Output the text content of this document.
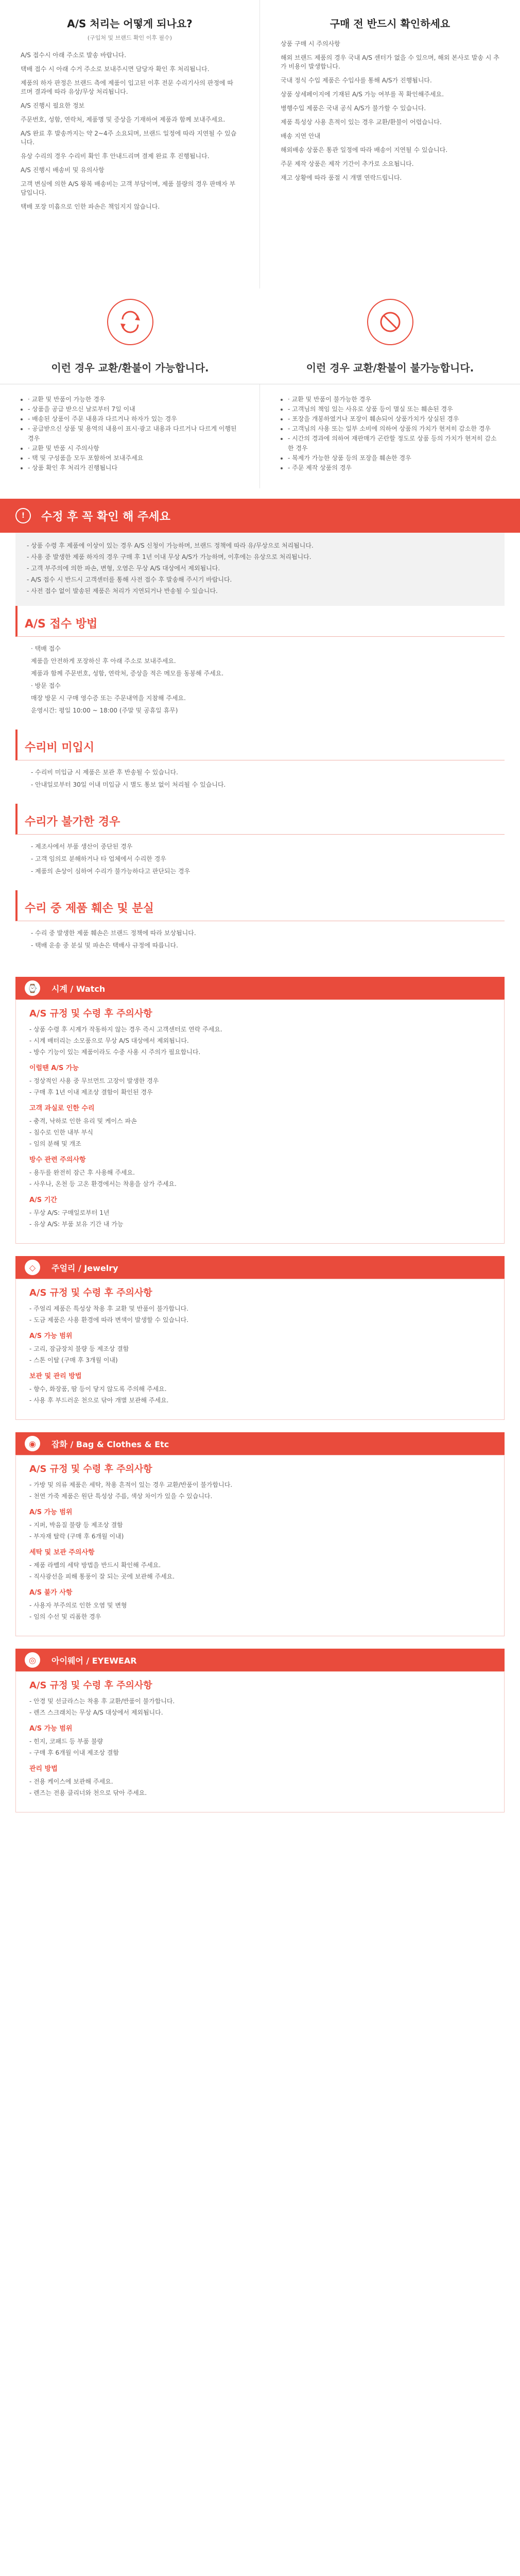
A/S 처리는 어떻게 되나요?
(구입처 및 브랜드 확인 이후 필수)

A/S 접수시 아래 주소로 발송 바랍니다.

택배 접수 시 아래 수거 주소로 보내주시면 담당자 확인 후 처리됩니다.

제품의 하자 판정은 브랜드 측에 제품이 입고된 이후 전문 수리기사의 판정에 따르며 결과에 따라 유상/무상 처리됩니다.

A/S 진행시 필요한 정보

주문번호, 성함, 연락처, 제품명 및 증상을 기재하여 제품과 함께 보내주세요.

A/S 완료 후 발송까지는 약 2~4주 소요되며, 브랜드 일정에 따라 지연될 수 있습니다.

유상 수리의 경우 수리비 확인 후 안내드리며 결제 완료 후 진행됩니다.

A/S 진행시 배송비 및 유의사항

고객 변심에 의한 A/S 왕복 배송비는 고객 부담이며, 제품 불량의 경우 판매자 부담입니다.

택배 포장 미흡으로 인한 파손은 책임지지 않습니다.

구매 전 반드시 확인하세요

상품 구매 시 주의사항

해외 브랜드 제품의 경우 국내 A/S 센터가 없을 수 있으며, 해외 본사로 발송 시 추가 비용이 발생합니다.

국내 정식 수입 제품은 수입사를 통해 A/S가 진행됩니다.

상품 상세페이지에 기재된 A/S 가능 여부를 꼭 확인해주세요.

병행수입 제품은 국내 공식 A/S가 불가할 수 있습니다.

제품 특성상 사용 흔적이 있는 경우 교환/환불이 어렵습니다.

배송 지연 안내

해외배송 상품은 통관 일정에 따라 배송이 지연될 수 있습니다.

주문 제작 상품은 제작 기간이 추가로 소요됩니다.

재고 상황에 따라 품절 시 개별 연락드립니다.

이런 경우 교환/환불이 가능합니다.	이런 경우 교환/환불이 불가능합니다.
• · 교환 및 반품이 가능한 경우
• - 상품을 공급 받으신 날로부터 7일 이내
• - 배송된 상품이 주문 내용과 다르거나 하자가 있는 경우
• - 공급받으신 상품 및 용역의 내용이 표시·광고 내용과 다르거나 다르게 이행된 경우
• · 교환 및 반품 시 주의사항
• - 택 및 구성품을 모두 포함하여 보내주세요
• - 상품 확인 후 처리가 진행됩니다
• · 교환 및 반품이 불가능한 경우
• - 고객님의 책임 있는 사유로 상품 등이 멸실 또는 훼손된 경우
• - 포장을 개봉하였거나 포장이 훼손되어 상품가치가 상실된 경우
• - 고객님의 사용 또는 일부 소비에 의하여 상품의 가치가 현저히 감소한 경우
• - 시간의 경과에 의하여 재판매가 곤란할 정도로 상품 등의 가치가 현저히 감소한 경우
• - 복제가 가능한 상품 등의 포장을 훼손한 경우
• - 주문 제작 상품의 경우
!	수정 후 꼭 확인 해 주세요

- 상품 수령 후 제품에 이상이 있는 경우 A/S 신청이 가능하며, 브랜드 정책에 따라 유/무상으로 처리됩니다.

- 사용 중 발생한 제품 하자의 경우 구매 후 1년 이내 무상 A/S가 가능하며, 이후에는 유상으로 처리됩니다.

- 고객 부주의에 의한 파손, 변형, 오염은 무상 A/S 대상에서 제외됩니다.

- A/S 접수 시 반드시 고객센터를 통해 사전 접수 후 발송해 주시기 바랍니다.

- 사전 접수 없이 발송된 제품은 처리가 지연되거나 반송될 수 있습니다.

A/S 접수 방법

· 택배 접수

제품을 안전하게 포장하신 후 아래 주소로 보내주세요.

제품과 함께 주문번호, 성함, 연락처, 증상을 적은 메모를 동봉해 주세요.

· 방문 접수

매장 방문 시 구매 영수증 또는 주문내역을 지참해 주세요.

운영시간: 평일 10:00 ~ 18:00 (주말 및 공휴일 휴무)

수리비 미입시

- 수리비 미입금 시 제품은 보관 후 반송될 수 있습니다.

- 안내일로부터 30일 이내 미입금 시 별도 통보 없이 처리될 수 있습니다.

수리가 불가한 경우

- 제조사에서 부품 생산이 중단된 경우

- 고객 임의로 분해하거나 타 업체에서 수리한 경우

- 제품의 손상이 심하여 수리가 불가능하다고 판단되는 경우

수리 중 제품 훼손 및 분실

- 수리 중 발생한 제품 훼손은 브랜드 정책에 따라 보상됩니다.

- 택배 운송 중 분실 및 파손은 택배사 규정에 따릅니다.

⌚	시계 / Watch
A/S 규정 및 수령 후 주의사항

- 상품 수령 후 시계가 작동하지 않는 경우 즉시 고객센터로 연락 주세요.

- 시계 배터리는 소모품으로 무상 A/S 대상에서 제외됩니다.

- 방수 기능이 있는 제품이라도 수중 사용 시 주의가 필요합니다.

이럴땐 A/S 가능

- 정상적인 사용 중 무브먼트 고장이 발생한 경우

- 구매 후 1년 이내 제조상 결함이 확인된 경우

고객 과실로 인한 수리

- 충격, 낙하로 인한 유리 및 케이스 파손

- 침수로 인한 내부 부식

- 임의 분해 및 개조

방수 관련 주의사항

- 용두를 완전히 잠근 후 사용해 주세요.

- 사우나, 온천 등 고온 환경에서는 착용을 삼가 주세요.

A/S 기간

- 무상 A/S: 구매일로부터 1년

- 유상 A/S: 부품 보유 기간 내 가능

◇	주얼리 / Jewelry
A/S 규정 및 수령 후 주의사항

- 주얼리 제품은 특성상 착용 후 교환 및 반품이 불가합니다.

- 도금 제품은 사용 환경에 따라 변색이 발생할 수 있습니다.

A/S 가능 범위

- 고리, 잠금장치 불량 등 제조상 결함

- 스톤 이탈 (구매 후 3개월 이내)

보관 및 관리 방법

- 향수, 화장품, 땀 등이 닿지 않도록 주의해 주세요.

- 사용 후 부드러운 천으로 닦아 개별 보관해 주세요.

◉	잡화 / Bag & Clothes & Etc
A/S 규정 및 수령 후 주의사항

- 가방 및 의류 제품은 세탁, 착용 흔적이 있는 경우 교환/반품이 불가합니다.

- 천연 가죽 제품은 원단 특성상 주름, 색상 차이가 있을 수 있습니다.

A/S 가능 범위

- 지퍼, 박음질 불량 등 제조상 결함

- 부자재 탈락 (구매 후 6개월 이내)

세탁 및 보관 주의사항

- 제품 라벨의 세탁 방법을 반드시 확인해 주세요.

- 직사광선을 피해 통풍이 잘 되는 곳에 보관해 주세요.

A/S 불가 사항

- 사용자 부주의로 인한 오염 및 변형

- 임의 수선 및 리폼한 경우

◎	아이웨어 / EYEWEAR
A/S 규정 및 수령 후 주의사항

- 안경 및 선글라스는 착용 후 교환/반품이 불가합니다.

- 렌즈 스크래치는 무상 A/S 대상에서 제외됩니다.

A/S 가능 범위

- 힌지, 코패드 등 부품 불량

- 구매 후 6개월 이내 제조상 결함

관리 방법

- 전용 케이스에 보관해 주세요.

- 렌즈는 전용 클리너와 천으로 닦아 주세요.
